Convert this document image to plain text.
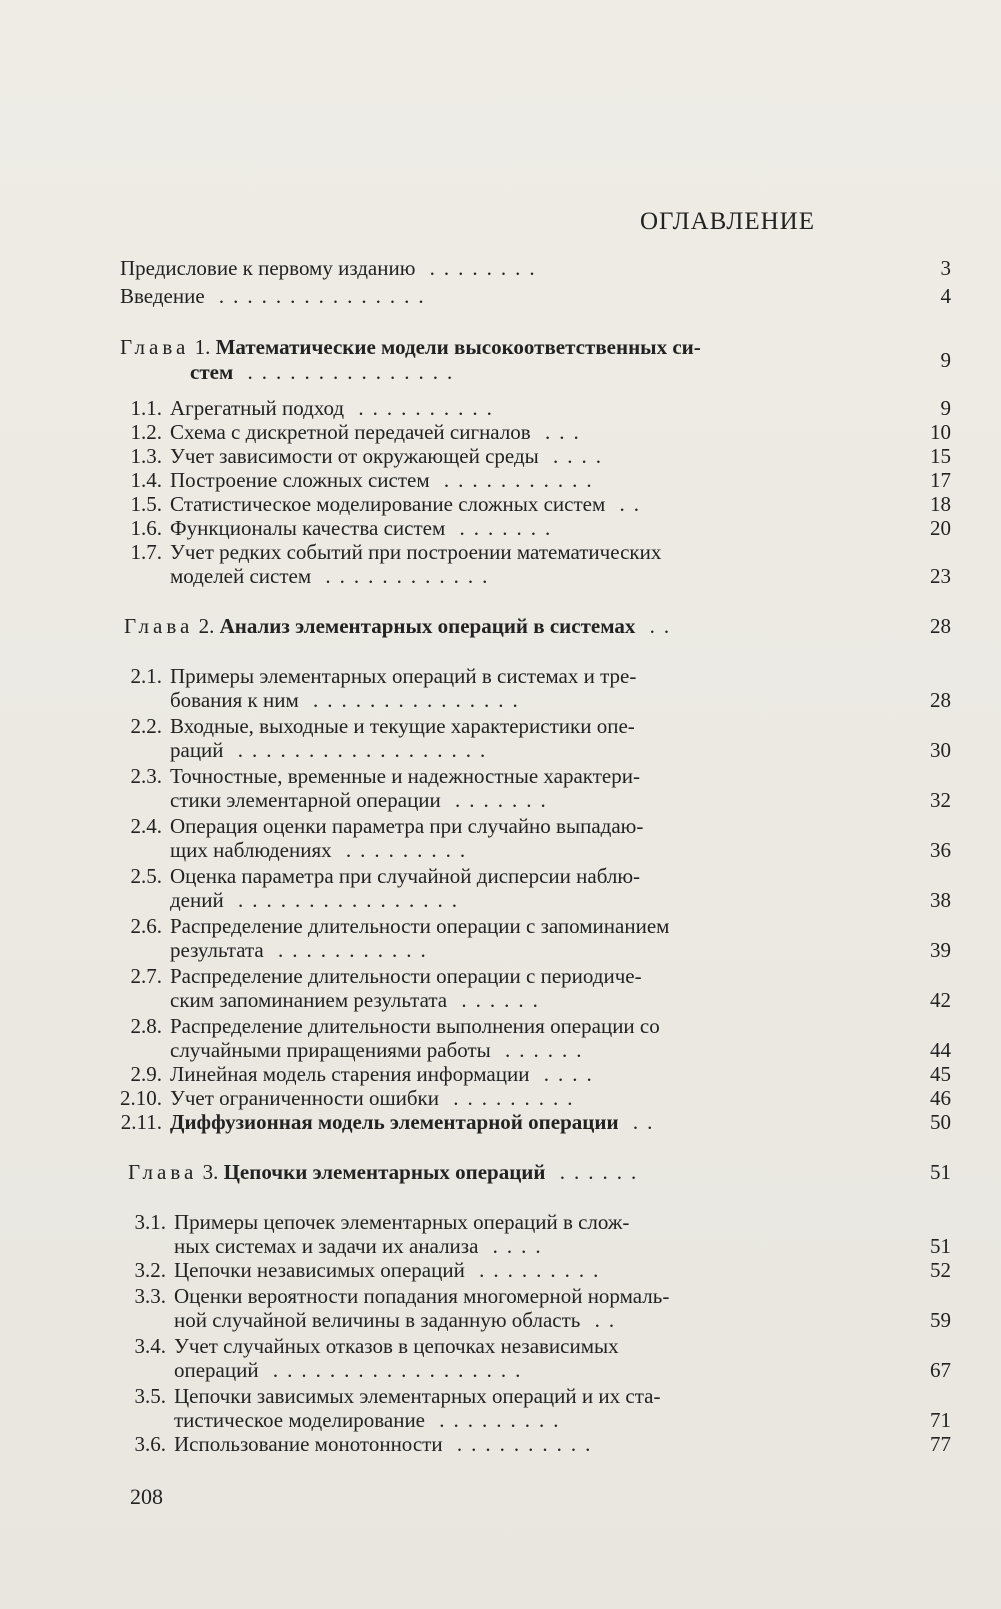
ОГЛАВЛЕНИЕ
Предисловие к первому изданию ........	3
Введение ...............	4
Глава 1. Математические модели высокоответственных си-
стем ...............	9
1.1. Агрегатный подход ..........	9
1.2. Схема с дискретной передачей сигналов ...	10
1.3. Учет зависимости от окружающей среды ....	15
1.4. Построение сложных систем ...........	17
1.5. Статистическое моделирование сложных систем ..	18
1.6. Функционалы качества систем .......	20
1.7. Учет редких событий при построении математических
моделей систем ............	23
Глава 2. Анализ элементарных операций в системах ..	28
2.1. Примеры элементарных операций в системах и тре-
бования к ним ...............	28
2.2. Входные, выходные и текущие характеристики опе-
раций ..................	30
2.3. Точностные, временные и надежностные характери-
стики элементарной операции .......	32
2.4. Операция оценки параметра при случайно выпадаю-
щих наблюдениях .........	36
2.5. Оценка параметра при случайной дисперсии наблю-
дений ................	38
2.6. Распределение длительности операции с запоминанием
результата ...........	39
2.7. Распределение длительности операции с периодиче-
ским запоминанием результата ......	42
2.8. Распределение длительности выполнения операции со
случайными приращениями работы ......	44
2.9. Линейная модель старения информации ....	45
2.10. Учет ограниченности ошибки .........	46
2.11. Диффузионная модель элементарной операции ..	50
Глава 3. Цепочки элементарных операций ......	51
3.1. Примеры цепочек элементарных операций в слож-
ных системах и задачи их анализа ....	51
3.2. Цепочки независимых операций .........	52
3.3. Оценки вероятности попадания многомерной нормаль-
ной случайной величины в заданную область ..	59
3.4. Учет случайных отказов в цепочках независимых
операций ..................	67
3.5. Цепочки зависимых элементарных операций и их ста-
тистическое моделирование .........	71
3.6. Использование монотонности ..........	77
208
